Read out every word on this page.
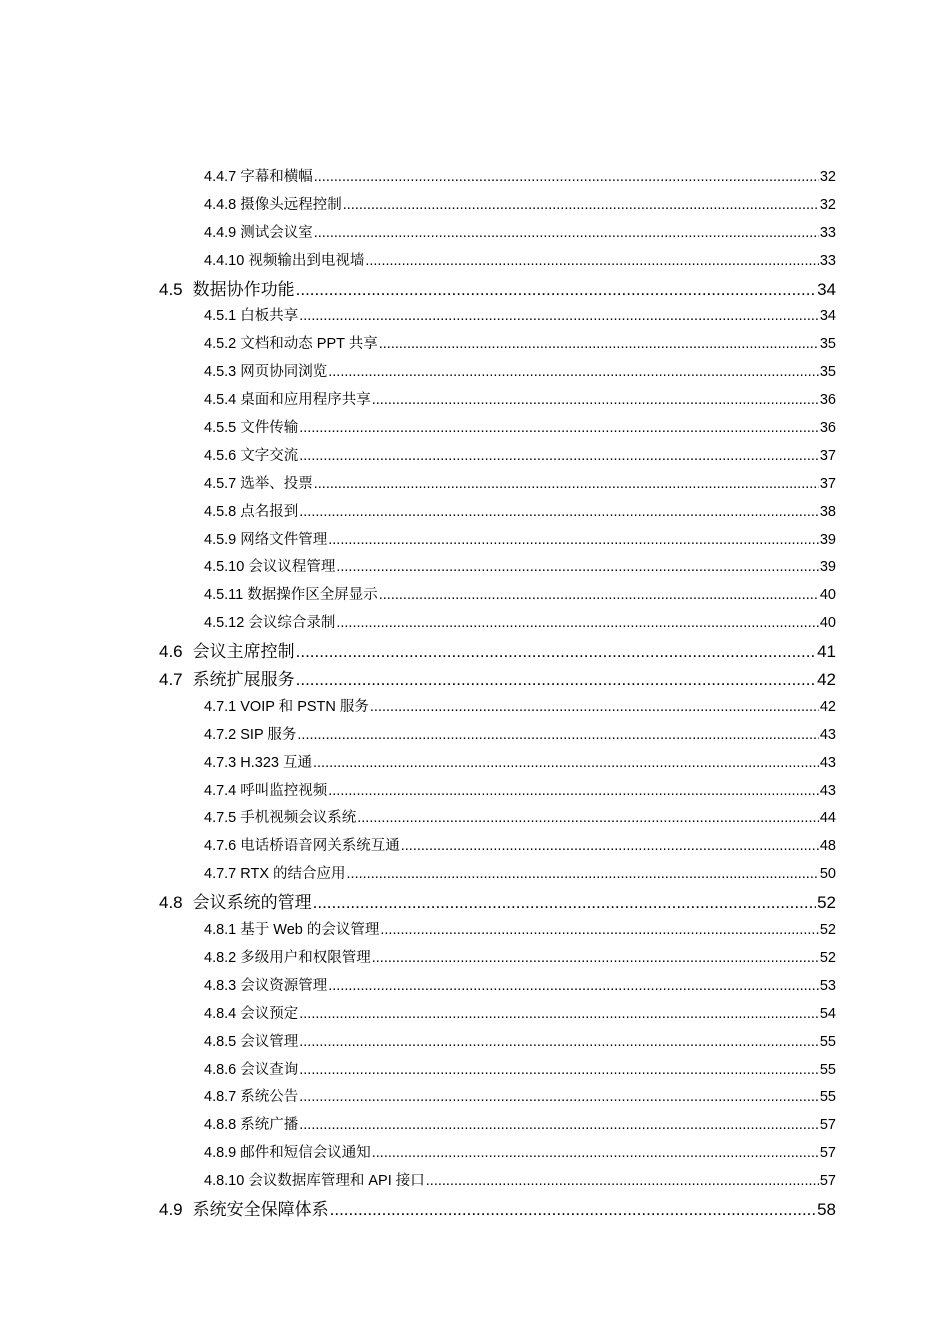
4.4.7 字幕和横幅 .....	32
4.4.8 摄像头远程控制 .....	32
4.4.9 测试会议室 .....	33
4.4.10 视频输出到电视墙 .....	33
4.5 数据协作功能 .....	34
4.5.1 白板共享 .....	34
4.5.2 文档和动态 PPT 共享 .....	35
4.5.3 网页协同浏览 .....	35
4.5.4 桌面和应用程序共享 .....	36
4.5.5 文件传输 .....	36
4.5.6 文字交流 .....	37
4.5.7 选举、投票 .....	37
4.5.8 点名报到 .....	38
4.5.9 网络文件管理 .....	39
4.5.10 会议议程管理 .....	39
4.5.11 数据操作区全屏显示 .....	40
4.5.12 会议综合录制 .....	40
4.6 会议主席控制 .....	41
4.7 系统扩展服务 .....	42
4.7.1 VOIP 和 PSTN 服务 .....	42
4.7.2 SIP 服务 .....	43
4.7.3 H.323 互通 .....	43
4.7.4 呼叫监控视频 .....	43
4.7.5 手机视频会议系统 .....	44
4.7.6 电话桥语音网关系统互通 .....	48
4.7.7 RTX 的结合应用 .....	50
4.8 会议系统的管理 .....	52
4.8.1 基于 Web 的会议管理 .....	52
4.8.2 多级用户和权限管理 .....	52
4.8.3 会议资源管理 .....	53
4.8.4 会议预定 .....	54
4.8.5 会议管理 .....	55
4.8.6 会议查询 .....	55
4.8.7 系统公告 .....	55
4.8.8 系统广播 .....	57
4.8.9 邮件和短信会议通知 .....	57
4.8.10 会议数据库管理和 API 接口 .....	57
4.9 系统安全保障体系 .....	58
